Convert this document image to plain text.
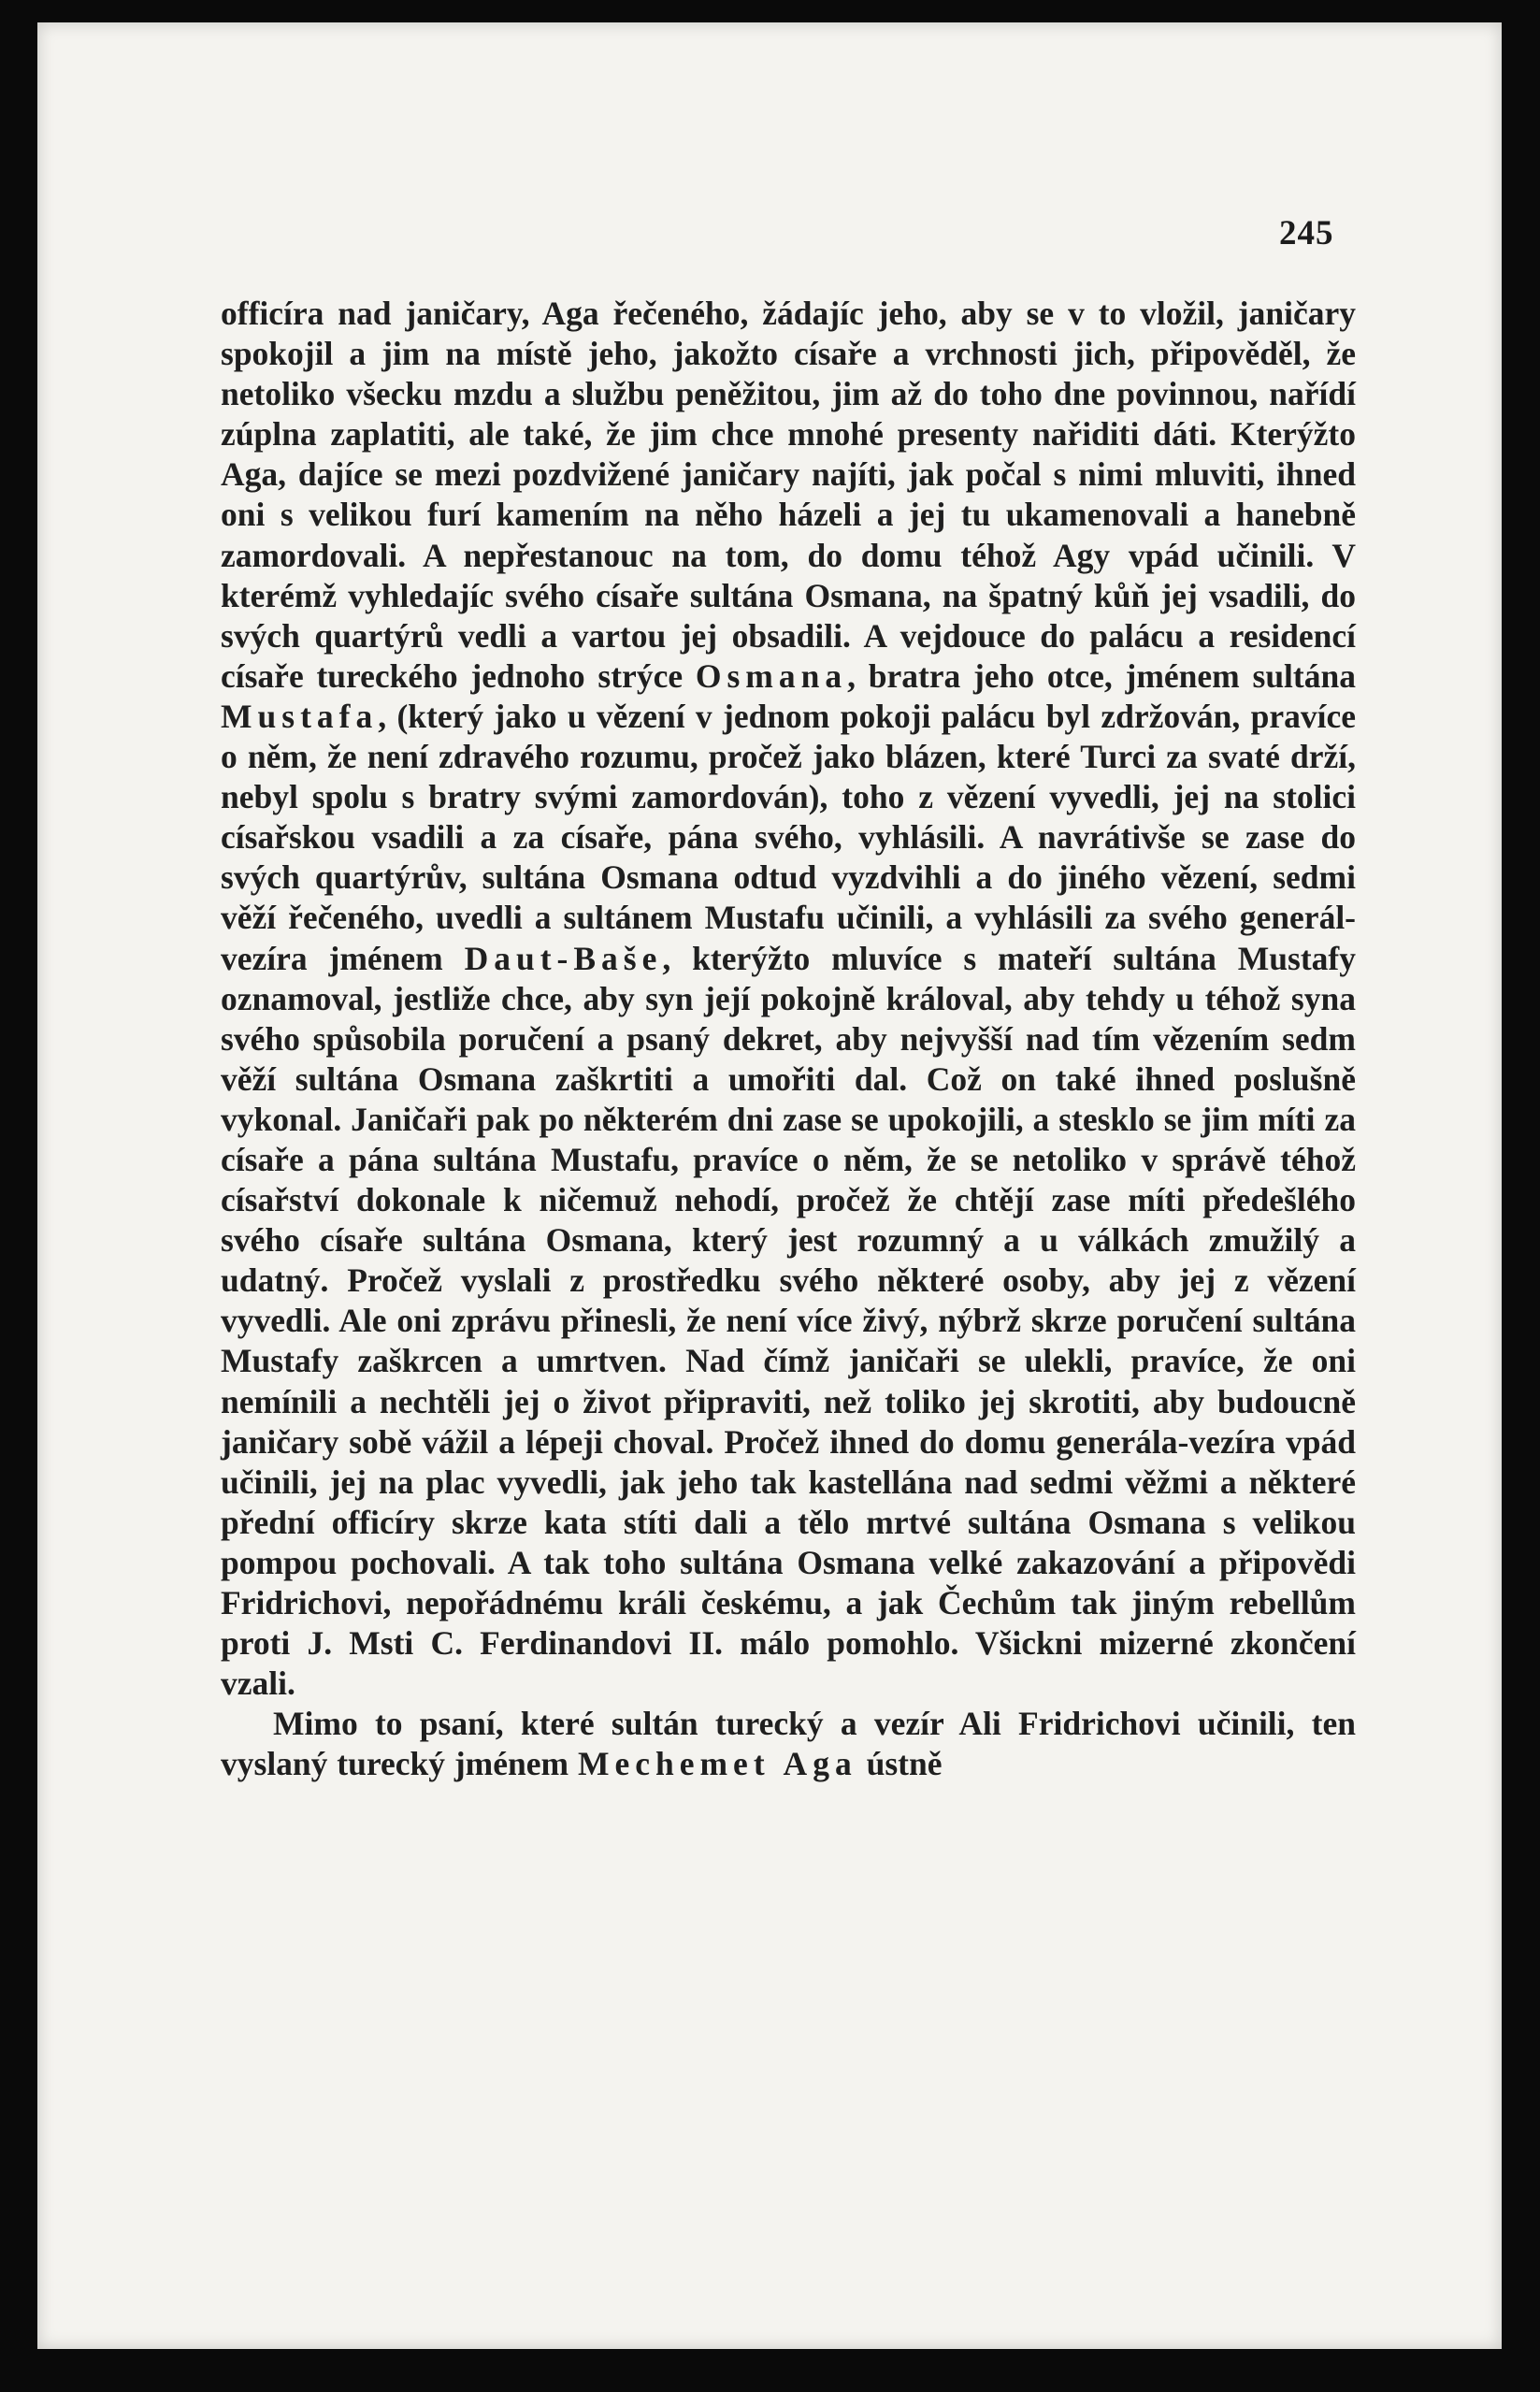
245

officíra nad janičary, Aga řečeného, žádajíc jeho, aby se v to vložil, janičary spokojil a jim na místě jeho, jakožto císaře a vrchnosti jich, připověděl, že netoliko všecku mzdu a službu peněžitou, jim až do toho dne povinnou, nařídí zúplna zaplatiti, ale také, že jim chce mnohé presenty nařiditi dáti. Kterýžto Aga, dajíce se mezi pozdvižené janičary najíti, jak počal s nimi mluviti, ihned oni s velikou furí kamením na něho házeli a jej tu ukamenovali a hanebně zamordovali. A nepřestanouc na tom, do domu téhož Agy vpád učinili. V kterémž vyhledajíc svého císaře sultána Osmana, na špatný kůň jej vsadili, do svých quartýrů vedli a vartou jej obsadili. A vejdouce do palácu a residencí císaře tureckého jednoho strýce Osmana, bratra jeho otce, jménem sultána Mustafa, (který jako u vězení v jednom pokoji palácu byl zdržován, pravíce o něm, že není zdravého rozumu, pročež jako blázen, které Turci za svaté drží, nebyl spolu s bratry svými zamordován), toho z vězení vyvedli, jej na stolici císařskou vsadili a za císaře, pána svého, vyhlásili. A navrátivše se zase do svých quartýrův, sultána Osmana odtud vyzdvihli a do jiného vězení, sedmi věží řečeného, uvedli a sultánem Mustafu učinili, a vyhlásili za svého generál-vezíra jménem Daut-Baše, kterýžto mluvíce s mateří sultána Mustafy oznamoval, jestliže chce, aby syn její pokojně královal, aby tehdy u téhož syna svého spůsobila poručení a psaný dekret, aby nejvyšší nad tím vězením sedm věží sultána Osmana zaškrtiti a umořiti dal. Což on také ihned poslušně vykonal. Janičaři pak po některém dni zase se upokojili, a stesklo se jim míti za císaře a pána sultána Mustafu, pravíce o něm, že se netoliko v správě téhož císařství dokonale k ničemuž nehodí, pročež že chtějí zase míti předešlého svého císaře sultána Osmana, který jest rozumný a u válkách zmužilý a udatný. Pročež vyslali z prostředku svého některé osoby, aby jej z vězení vyvedli. Ale oni zprávu přinesli, že není více živý, nýbrž skrze poručení sultána Mustafy zaškrcen a umrtven. Nad čímž janičaři se ulekli, pravíce, že oni nemínili a nechtěli jej o život připraviti, než toliko jej skrotiti, aby budoucně janičary sobě vážil a lépeji choval. Pročež ihned do domu generála-vezíra vpád učinili, jej na plac vyvedli, jak jeho tak kastellána nad sedmi věžmi a některé přední officíry skrze kata stíti dali a tělo mrtvé sultána Osmana s velikou pompou pochovali. A tak toho sultána Osmana velké zakazování a připovědi Fridrichovi, nepořádnému králi českému, a jak Čechům tak jiným rebellům proti J. Msti C. Ferdinandovi II. málo pomohlo. Všickni mizerné zkončení vzali.

Mimo to psaní, které sultán turecký a vezír Ali Fridrichovi učinili, ten vyslaný turecký jménem Mechemet Aga ústně
